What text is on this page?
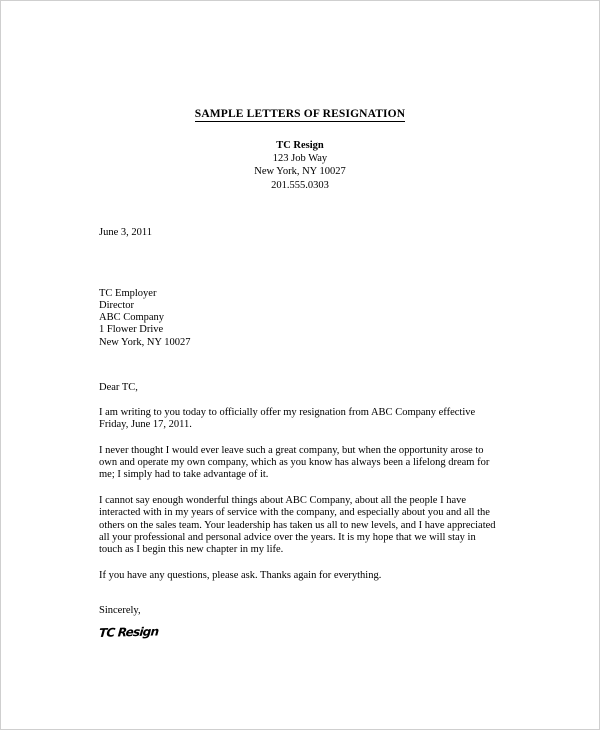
SAMPLE LETTERS OF RESIGNATION
TC Resign
123 Job Way
New York, NY 10027
201.555.0303
June 3, 2011
TC Employer
Director
ABC Company
1 Flower Drive
New York, NY 10027
Dear TC,
I am writing to you today to officially offer my resignation from ABC Company effective Friday, June 17, 2011.
I never thought I would ever leave such a great company, but when the opportunity arose to own and operate my own company, which as you know has always been a lifelong dream for me; I simply had to take advantage of it.
I cannot say enough wonderful things about ABC Company, about all the people I have interacted with in my years of service with the company, and especially about you and all the others on the sales team. Your leadership has taken us all to new levels, and I have appreciated all your professional and personal advice over the years. It is my hope that we will stay in touch as I begin this new chapter in my life.
If you have any questions, please ask. Thanks again for everything.
Sincerely,
TC Resign
